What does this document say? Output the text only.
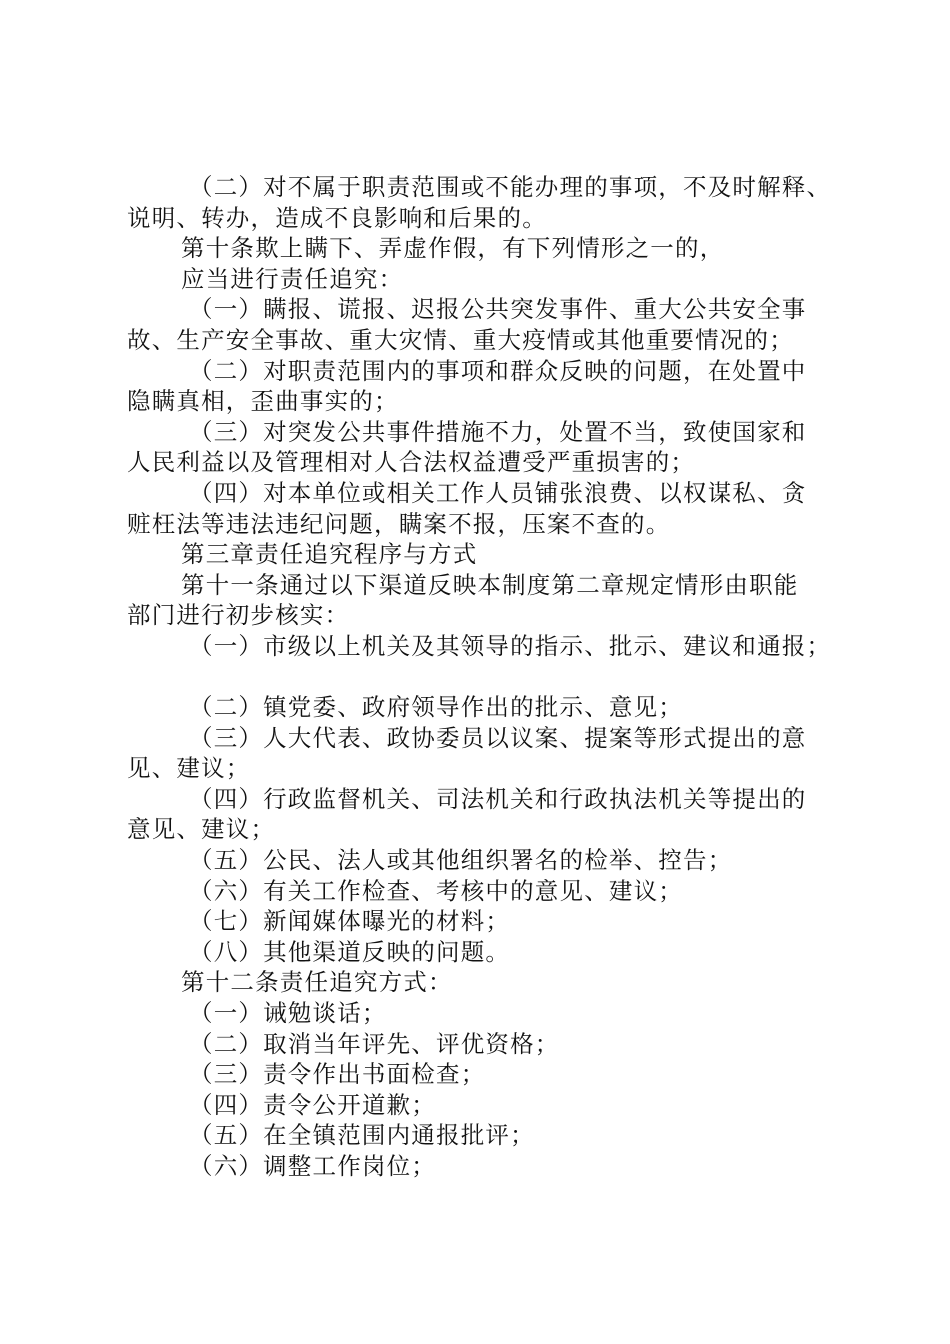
（二）对不属于职责范围或不能办理的事项，不及时解释、
说明、转办，造成不良影响和后果的。
第十条欺上瞒下、弄虚作假，有下列情形之一的，
应当进行责任追究：
（一）瞒报、谎报、迟报公共突发事件、重大公共安全事
故、生产安全事故、重大灾情、重大疫情或其他重要情况的；
（二）对职责范围内的事项和群众反映的问题，在处置中
隐瞒真相，歪曲事实的；
（三）对突发公共事件措施不力，处置不当，致使国家和
人民利益以及管理相对人合法权益遭受严重损害的；
（四）对本单位或相关工作人员铺张浪费、以权谋私、贪
赃枉法等违法违纪问题，瞒案不报，压案不查的。
第三章责任追究程序与方式
第十一条通过以下渠道反映本制度第二章规定情形由职能
部门进行初步核实：
（一）市级以上机关及其领导的指示、批示、建议和通报；
（二）镇党委、政府领导作出的批示、意见；
（三）人大代表、政协委员以议案、提案等形式提出的意
见、建议；
（四）行政监督机关、司法机关和行政执法机关等提出的
意见、建议；
（五）公民、法人或其他组织署名的检举、控告；
（六）有关工作检查、考核中的意见、建议；
（七）新闻媒体曝光的材料；
（八）其他渠道反映的问题。
第十二条责任追究方式：
（一）诫勉谈话；
（二）取消当年评先、评优资格；
（三）责令作出书面检查；
（四）责令公开道歉；
（五）在全镇范围内通报批评；
（六）调整工作岗位；
